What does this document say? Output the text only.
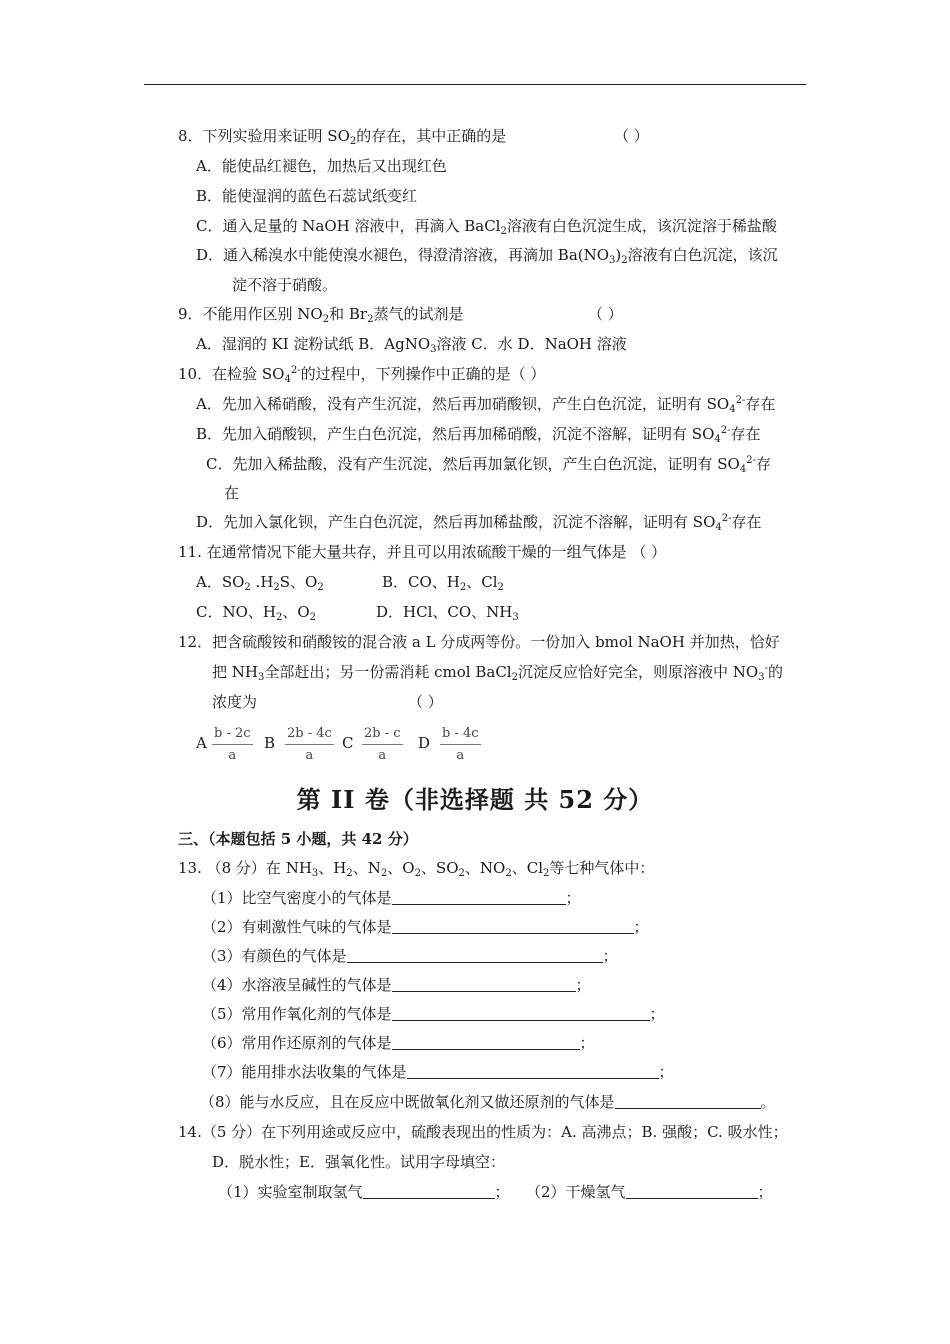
8．下列实验用来证明 $SO_2$的存在，其中正确的是	（ ）
A．能使品红褪色，加热后又出现红色
B．能使湿润的蓝色石蕊试纸变红
C．通入足量的 NaOH 溶液中，再滴入 BaCl$_2$溶液有白色沉淀生成，该沉淀溶于稀盐酸
D．通入稀溴水中能使溴水褪色，得澄清溶液，再滴加 $Ba(NO_3)_2$溶液有白色沉淀，该沉
淀不溶于硝酸。
9．不能用作区别 $NO_2$和 $Br_2$蒸气的试剂是	（ ）
A．湿润的 KI 淀粉试纸 B．AgNO$_3$溶液 C．水 D．NaOH 溶液
10．在检验 $SO_4^{2-}$的过程中，下列操作中正确的是（ ）
A．先加入稀硝酸，没有产生沉淀，然后再加硝酸钡，产生白色沉淀，证明有 $SO_4^{2-}$存在
B．先加入硝酸钡，产生白色沉淀，然后再加稀硝酸，沉淀不溶解，证明有 $SO_4^{2-}$存在
C．先加入稀盐酸，没有产生沉淀，然后再加氯化钡，产生白色沉淀，证明有 $SO_4^{2-}$存
在
D．先加入氯化钡，产生白色沉淀，然后再加稀盐酸，沉淀不溶解，证明有 $SO_4^{2-}$存在
11. 在通常情况下能大量共存，并且可以用浓硫酸干燥的一组气体是 （ ）
A．$SO_2$ $.H_2S$、$O_2$	B．CO、$H_2$、$Cl_2$
C．NO、$H_2$、$O_2$	D．HCl、CO、$NH_3$
12．把含硫酸铵和硝酸铵的混合液 a L 分成两等份。一份加入 bmol NaOH 并加热，恰好
把 $NH_3$全部赶出；另一份需消耗 cmol BaCl$_2$沉淀反应恰好完全，则原溶液中 $NO_3^-$的
浓度为	（ ）
A $\frac{b - 2c}{a}$ B $\frac{2b - 4c}{a}$ C $\frac{2b - c}{a}$ D $\frac{b - 4c}{a}$
第 II 卷（非选择题 共 52 分）
三、（本题包括 5 小题，共 42 分）
13. （8 分）在 $NH_3$、$H_2$、$N_2$、$O_2$、$SO_2$、$NO_2$、$Cl_2$等七种气体中：
（1）比空气密度小的气体是	；
（2）有刺激性气味的气体是	；
（3）有颜色的气体是	；
（4）水溶液呈碱性的气体是	；
（5）常用作氧化剂的气体是	；
（6）常用作还原剂的气体是	；
（7）能用排水法收集的气体是	；
（8）能与水反应，且在反应中既做氧化剂又做还原剂的气体是	。
14.（5 分）在下列用途或反应中，硫酸表现出的性质为：A. 高沸点；B. 强酸；C. 吸水性；
D．脱水性；E．强氧化性。试用字母填空：
（1）实验室制取氢气	； （2）干燥氢气	；
